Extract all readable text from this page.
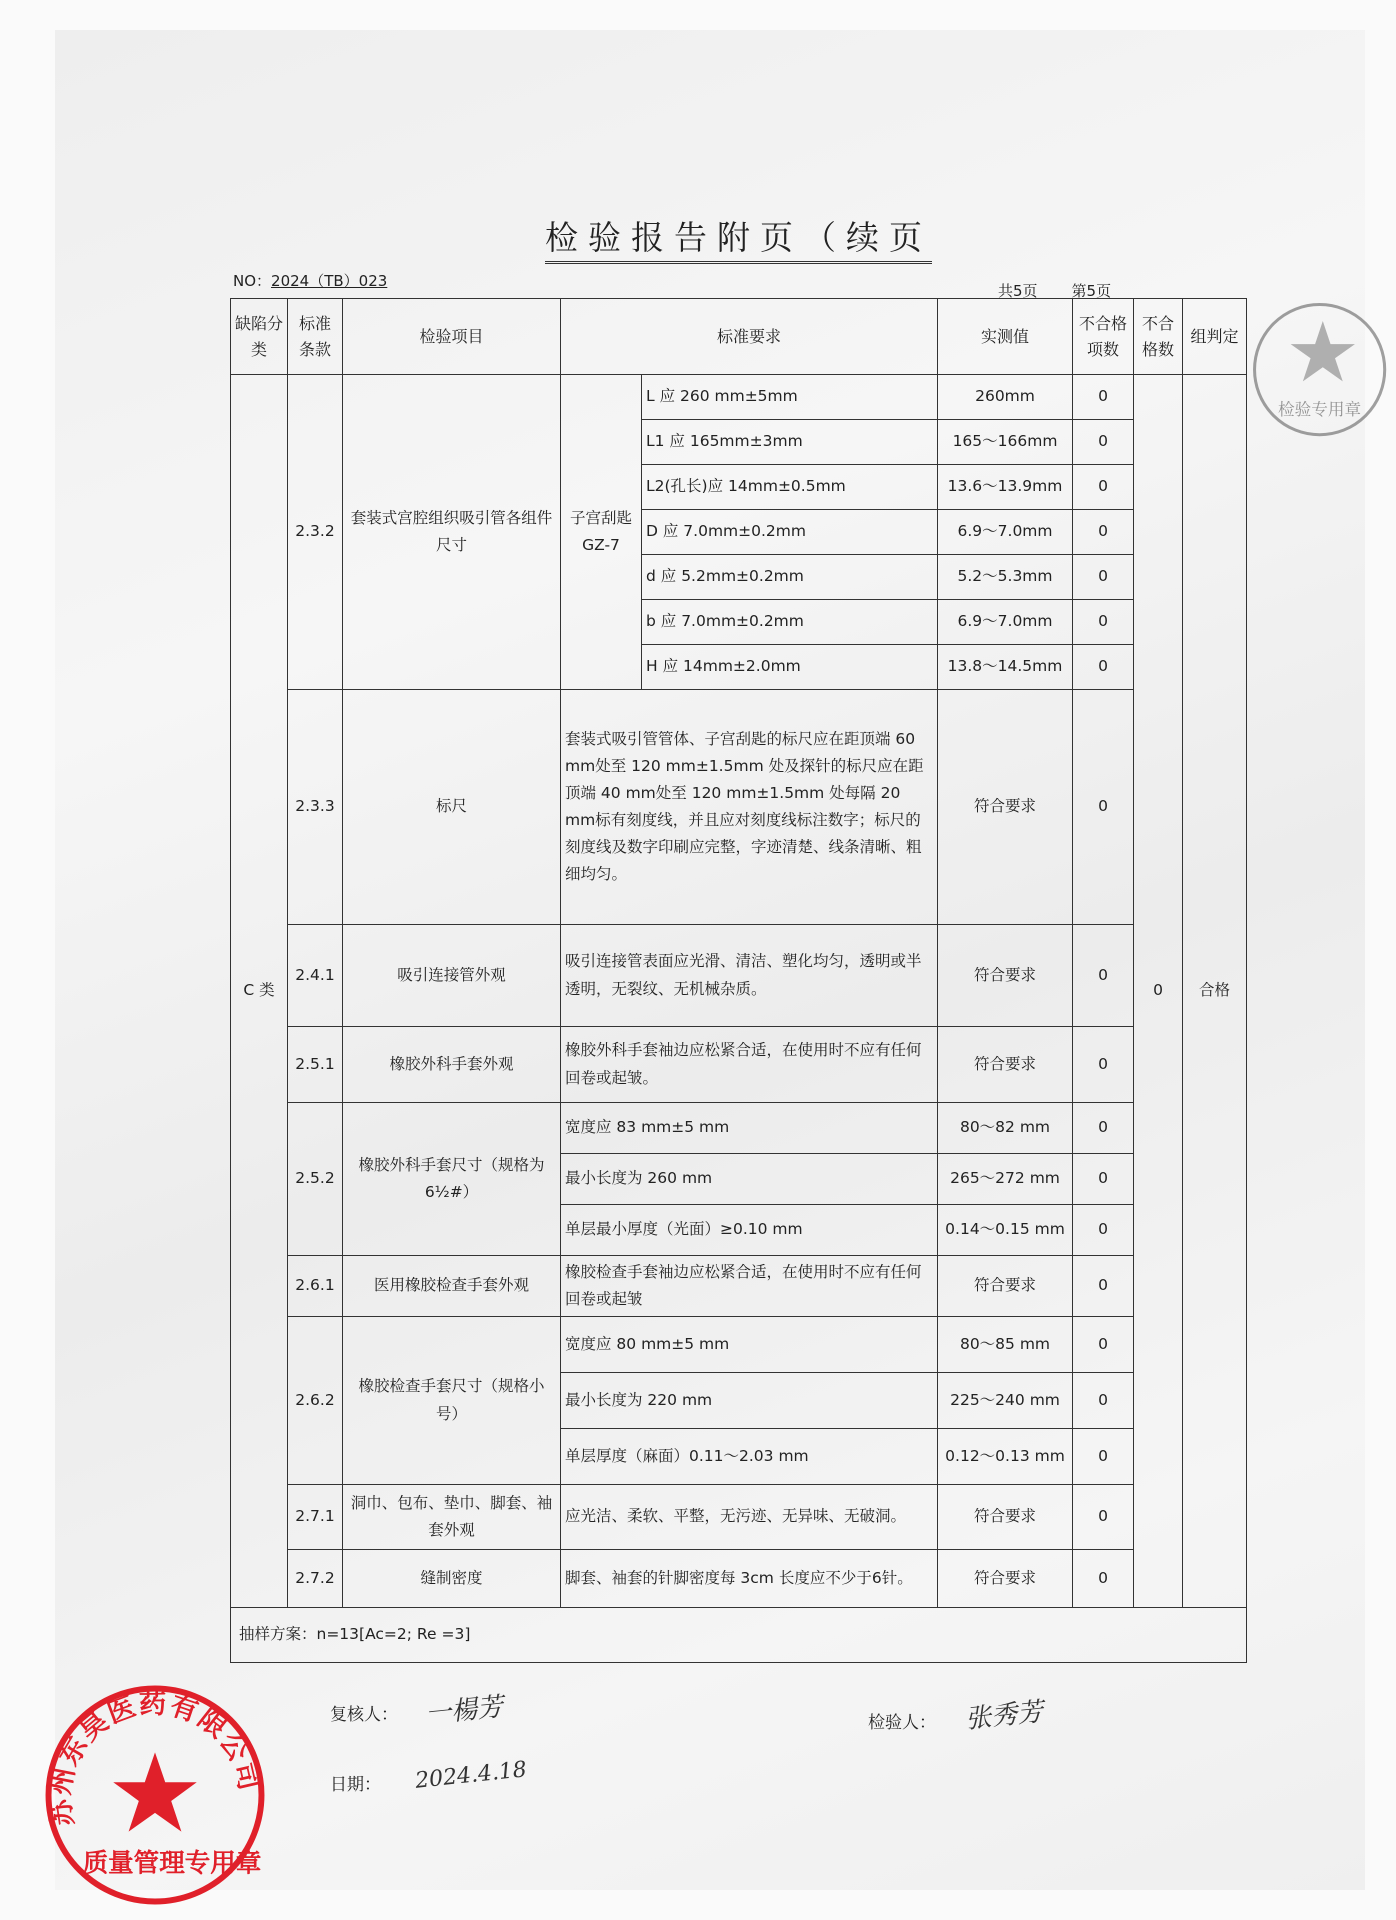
检验报告附页（续页
NO：2024（TB）023
共5页 第5页
缺陷分类	标准条款	检验项目	标准要求		实测值	不合格项数	不合格数	组判定
C 类	2.3.2	套装式宫腔组织吸引管各组件尺寸	子宫刮匙 GZ-7	L 应 260 mm±5mm	260mm	0	0	合格
				L1 应 165mm±3mm	165～166mm	0		
				L2(孔长)应 14mm±0.5mm	13.6～13.9mm	0		
				D 应 7.0mm±0.2mm	6.9～7.0mm	0		
				d 应 5.2mm±0.2mm	5.2～5.3mm	0		
				b 应 7.0mm±0.2mm	6.9～7.0mm	0		
				H 应 14mm±2.0mm	13.8～14.5mm	0		
	2.3.3	标尺	套装式吸引管管体、子宫刮匙的标尺应在距顶端 60 mm处至 120 mm±1.5mm 处及探针的标尺应在距顶端 40 mm处至 120 mm±1.5mm 处每隔 20 mm标有刻度线，并且应对刻度线标注数字；标尺的刻度线及数字印刷应完整，字迹清楚、线条清晰、粗细均匀。		符合要求	0		
	2.4.1	吸引连接管外观	吸引连接管表面应光滑、清洁、塑化均匀，透明或半透明，无裂纹、无机械杂质。		符合要求	0		
	2.5.1	橡胶外科手套外观	橡胶外科手套袖边应松紧合适，在使用时不应有任何回卷或起皱。		符合要求	0		
	2.5.2	橡胶外科手套尺寸（规格为 6½#）	宽度应 83 mm±5 mm		80～82 mm	0		
			最小长度为 260 mm		265～272 mm	0		
			单层最小厚度（光面）≥0.10 mm		0.14～0.15 mm	0		
	2.6.1	医用橡胶检查手套外观	橡胶检查手套袖边应松紧合适，在使用时不应有任何回卷或起皱		符合要求	0		
	2.6.2	橡胶检查手套尺寸（规格小号）	宽度应 80 mm±5 mm		80～85 mm	0		
			最小长度为 220 mm		225～240 mm	0		
			单层厚度（麻面）0.11～2.03 mm		0.12～0.13 mm	0		
	2.7.1	洞巾、包布、垫巾、脚套、袖套外观	应光洁、柔软、平整，无污迹、无异味、无破洞。		符合要求	0		
	2.7.2	缝制密度	脚套、袖套的针脚密度每 3cm 长度应不少于6针。		符合要求	0		
抽样方案：n=13[Ac=2; Re =3]								
复核人： 一楊芳
日期： 2024.4.18
检验人： 张秀芳
检验专用章
苏州东昊医药有限公司
质量管理专用章
